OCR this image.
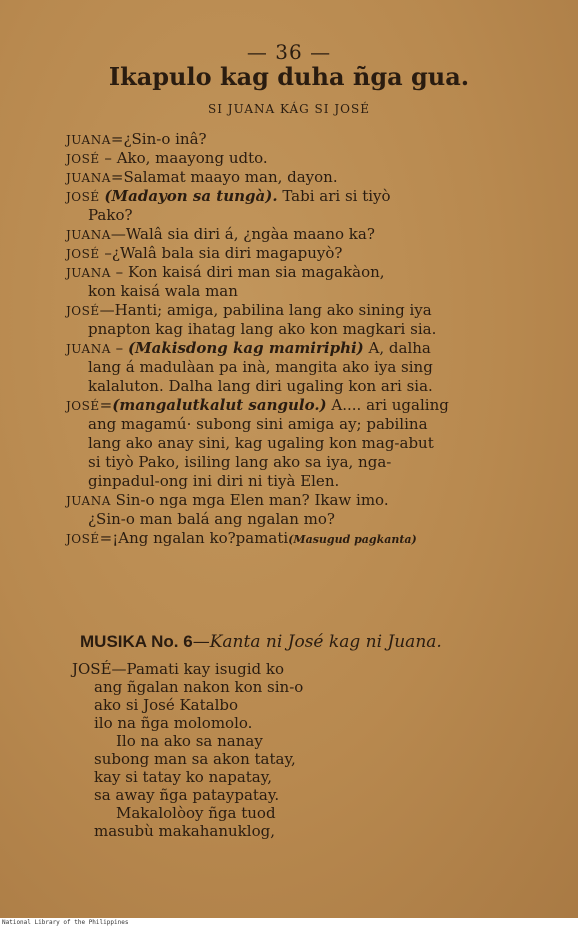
— 36 —
Ikapulo kag duha ñga gua.
SI JUANA KÁG SI JOSÉ
JUANA=¿Sin-o inâ?
JOSÉ – Ako, maayong udto.
JUANA=Salamat maayo man, dayon.
JOSÉ (Madayon sa tungà). Tabi ari si tiyò
Pako?
JUANA—Walâ sia diri á, ¿ngàa maano ka?
JOSÉ –¿Walâ bala sia diri magapuyò?
JUANA – Kon kaisá diri man sia magakàon,
kon kaisá wala man
JOSÉ—Hanti; amiga, pabilina lang ako sining iya
pnapton kag ihatag lang ako kon magkari sia.
JUANA – (Makisdong kag mamiriphi) A, dalha
lang á madulàan pa inà, mangita ako iya sing
kalaluton. Dalha lang diri ugaling kon ari sia.
JOSÉ=(mangalutkalut sangulo.) A.... ari ugaling
ang magamú· subong sini amiga ay; pabilina
lang ako anay sini, kag ugaling kon mag-abut
si tiyò Pako, isiling lang ako sa iya, nga-
ginpadul-ong ini diri ni tiyà Elen.
JUANA Sin-o nga mga Elen man? Ikaw imo.
¿Sin-o man balá ang ngalan mo?
JOSÉ=¡Ang ngalan ko?pamati(Masugud pagkanta)
MUSIKA No. 6—Kanta ni José kag ni Juana.
JOSÉ—Pamati kay isugid ko
ang ñgalan nakon kon sin-o
ako si José Katalbo
ilo na ñga molomolo.
Ilo na ako sa nanay
subong man sa akon tatay,
kay si tatay ko napatay,
sa away ñga pataypatay.
Makalolòoy ñga tuod
masubù makahanuklog,
National Library of the Philippines
